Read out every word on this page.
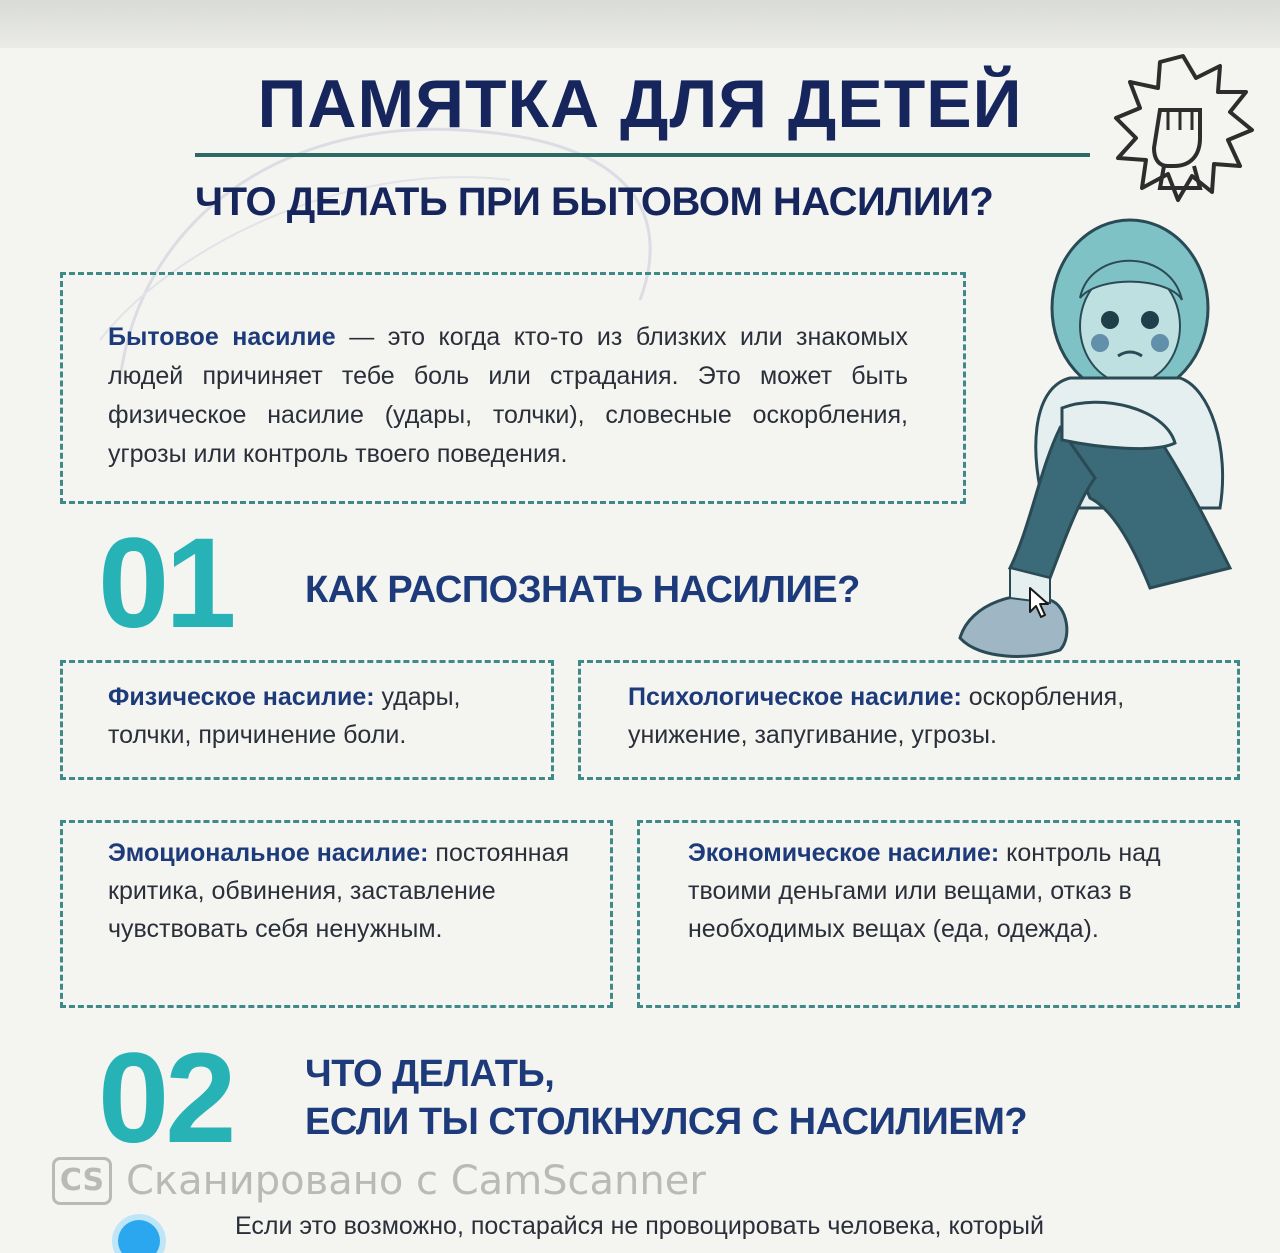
ПАМЯТКА ДЛЯ ДЕТЕЙ
ЧТО ДЕЛАТЬ ПРИ БЫТОВОМ НАСИЛИИ?
Бытовое насилие — это когда кто-то из близких или знакомых людей причиняет тебе боль или страдания. Это может быть физическое насилие (удары, толчки), словесные оскорбления, угрозы или контроль твоего поведения.
01 КАК РАСПОЗНАТЬ НАСИЛИЕ?
Физическое насилие: удары, толчки, причинение боли.
Психологическое насилие: оскорбления, унижение, запугивание, угрозы.
Эмоциональное насилие: постоянная критика, обвинения, заставление чувствовать себя ненужным.
Экономическое насилие: контроль над твоими деньгами или вещами, отказ в необходимых вещах (еда, одежда).
02 ЧТО ДЕЛАТЬ,
ЕСЛИ ТЫ СТОЛКНУЛСЯ С НАСИЛИЕМ?
CS Сканировано с CamScanner
Если это возможно, постарайся не провоцировать человека, который
